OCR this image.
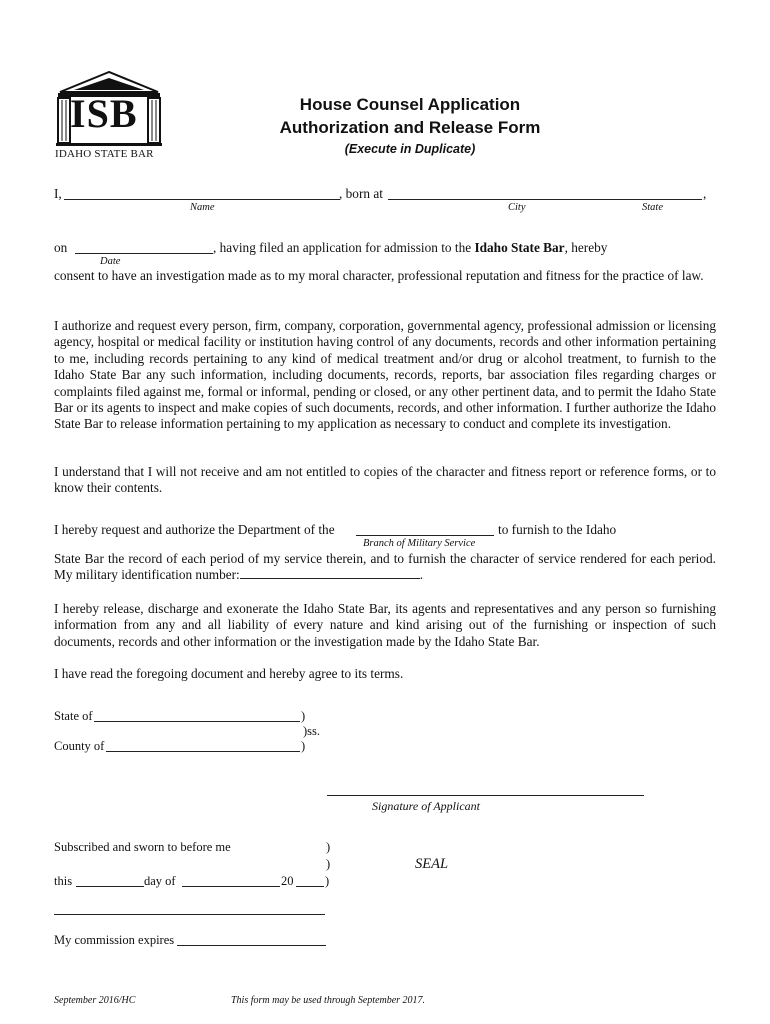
ISB
IDAHO STATE BAR
House Counsel Application
Authorization and Release Form
(Execute in Duplicate)
I,	, born at	,
Name	City	State
on	, having filed an application for admission to the Idaho State Bar, hereby
Date
consent to have an investigation made as to my moral character, professional reputation and fitness for the practice of law.
I authorize and request every person, firm, company, corporation, governmental agency, professional admission or licensing agency, hospital or medical facility or institution having control of any documents, records and other information pertaining to me, including records pertaining to any kind of medical treatment and/or drug or alcohol treatment, to furnish to the Idaho State Bar any such information, including documents, records, reports, bar association files regarding charges or complaints filed against me, formal or informal, pending or closed, or any other pertinent data, and to permit the Idaho State Bar or its agents to inspect and make copies of such documents, records, and other information. I further authorize the Idaho State Bar to release information pertaining to my application as necessary to conduct and complete its investigation.
I understand that I will not receive and am not entitled to copies of the character and fitness report or reference forms, or to know their contents.
I hereby request and authorize the Department of the	to furnish to the Idaho
Branch of Military Service
State Bar the record of each period of my service therein, and to furnish the character of service rendered for each period. My military identification number:	.
I hereby release, discharge and exonerate the Idaho State Bar, its agents and representatives and any person so furnishing information from any and all liability of every nature and kind arising out of the furnishing or inspection of such documents, records and other information or the investigation made by the Idaho State Bar.
I have read the foregoing document and hereby agree to its terms.
State of	)
)ss.
County of	)
Signature of Applicant
Subscribed and sworn to before me	)
)	SEAL
this	day of	20	)
My commission expires
September 2016/HC	This form may be used through September 2017.
